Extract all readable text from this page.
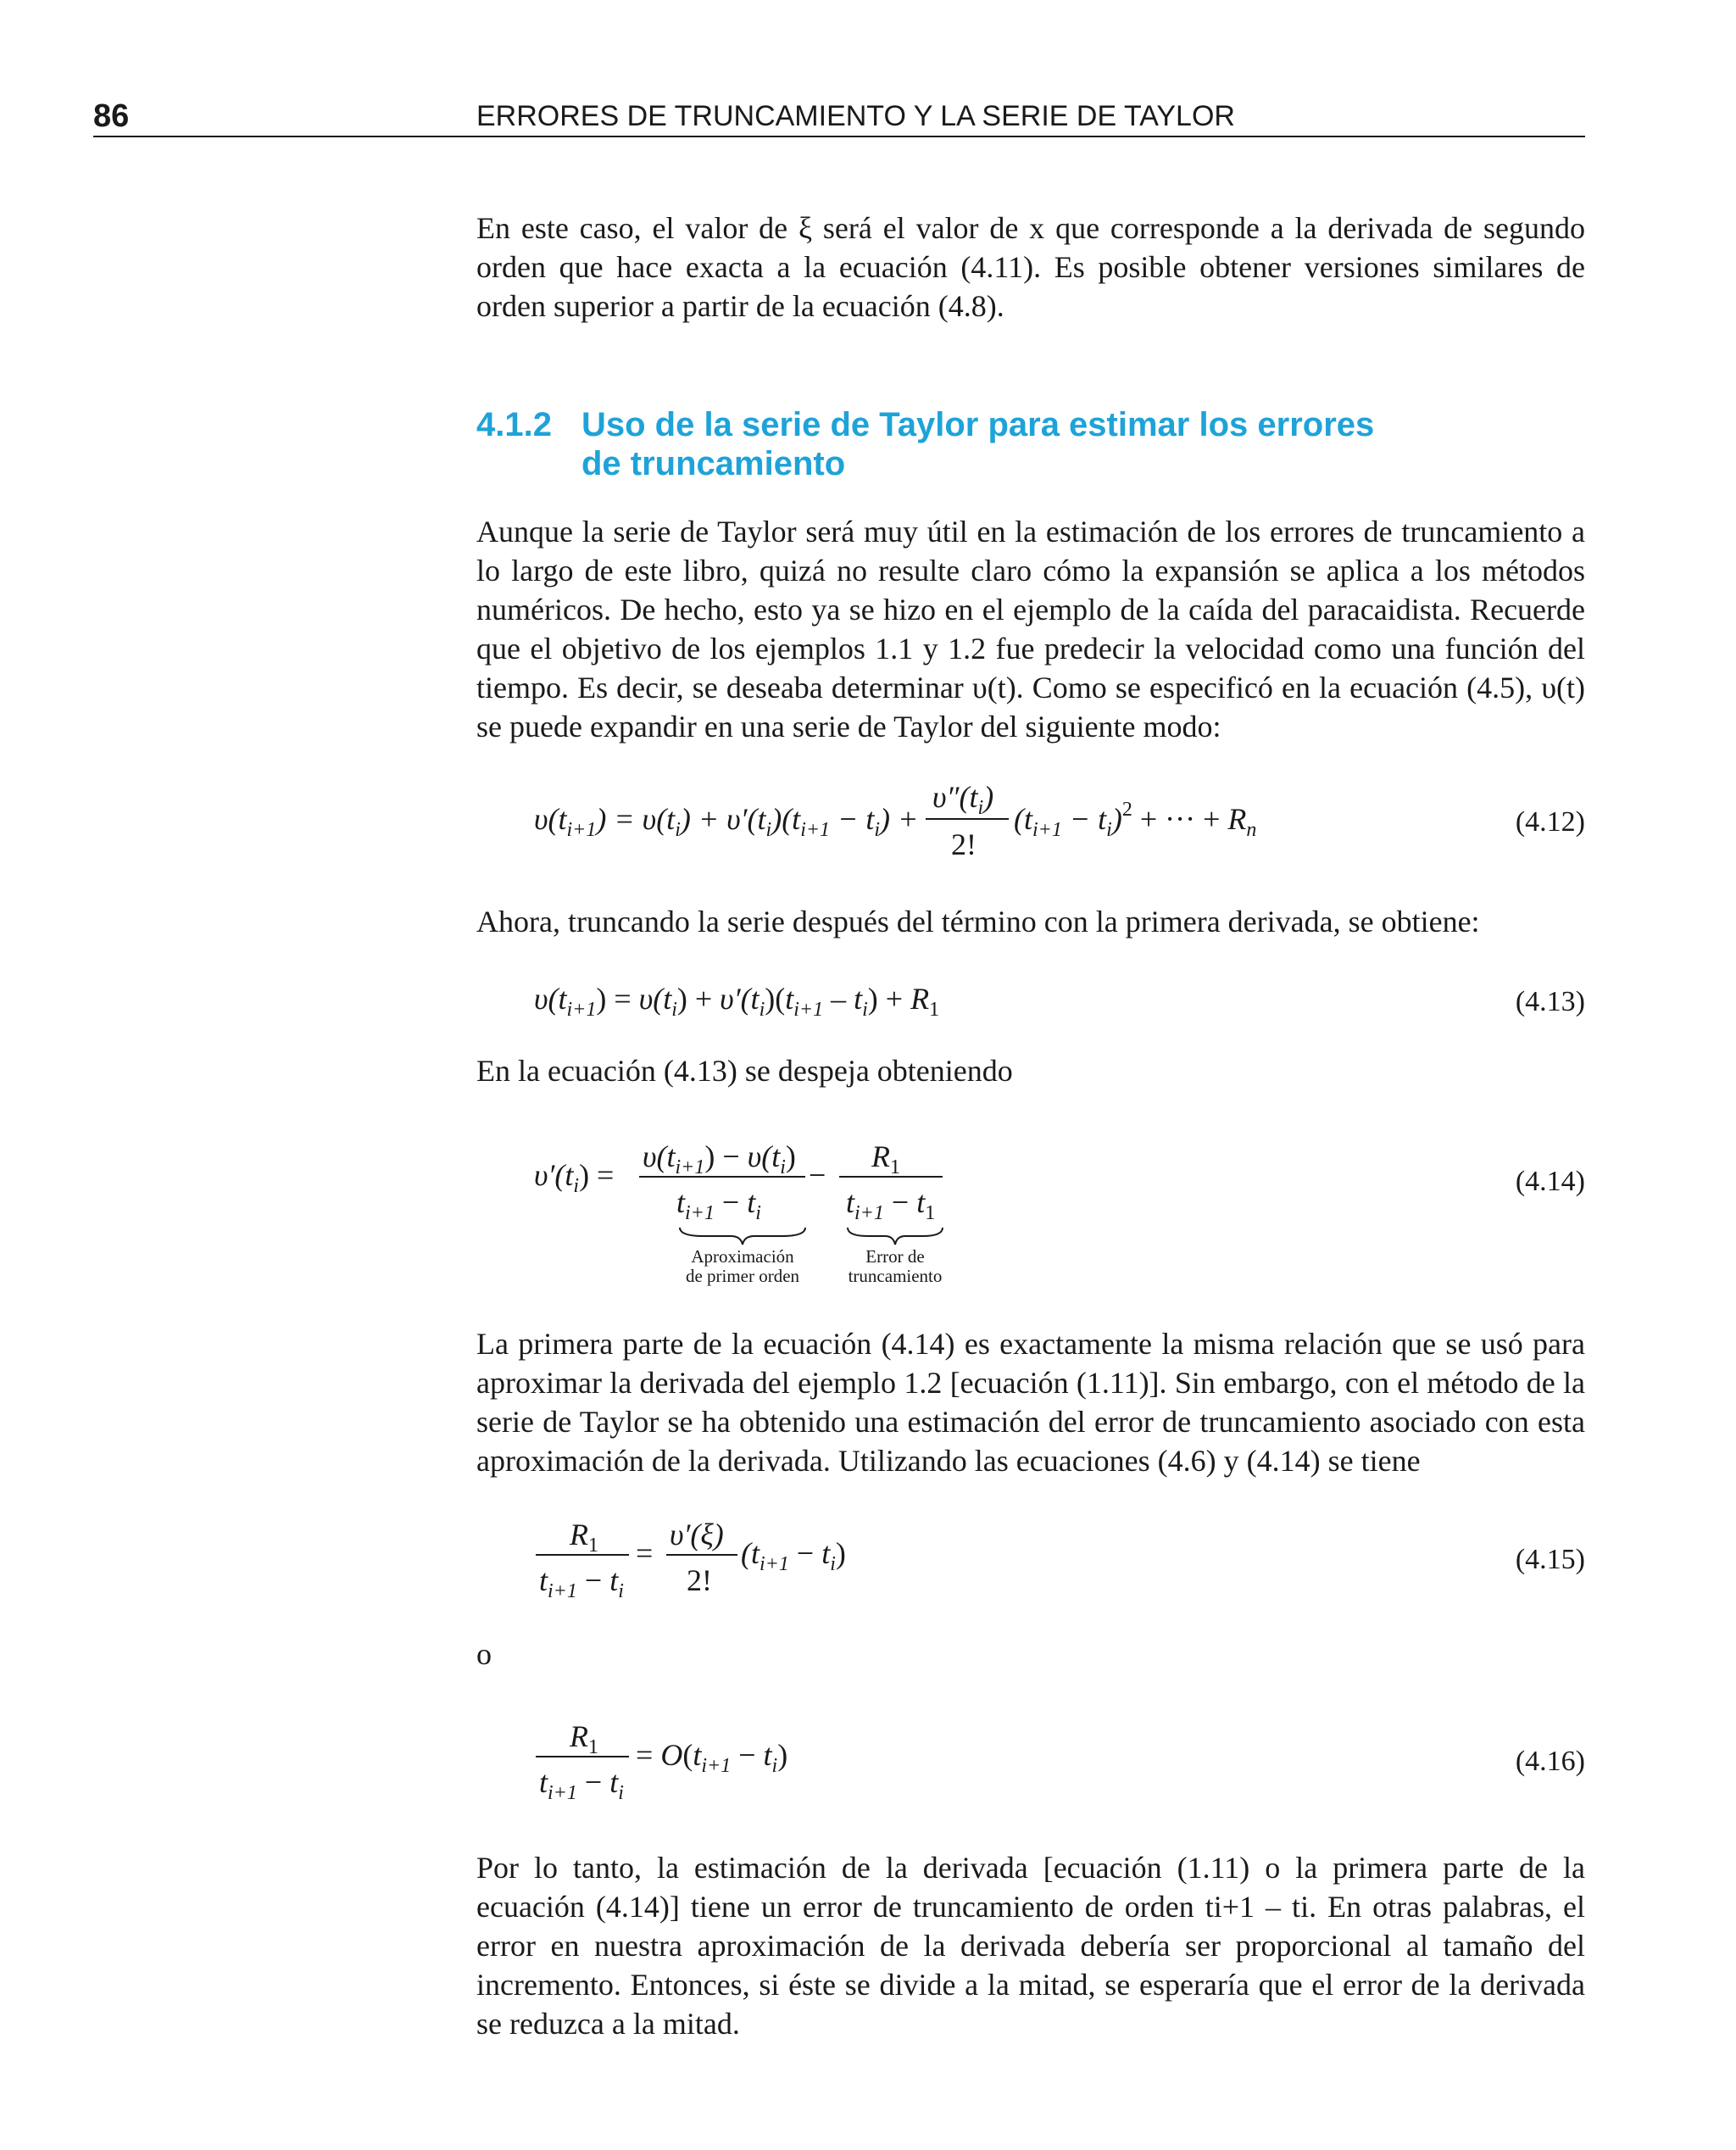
86	ERRORES DE TRUNCAMIENTO Y LA SERIE DE TAYLOR

En este caso, el valor de ξ será el valor de x que corresponde a la derivada de segundo orden que hace exacta a la ecuación (4.11). Es posible obtener versiones similares de orden superior a partir de la ecuación (4.8).

4.1.2 Uso de la serie de Taylor para estimar los errores
de truncamiento

Aunque la serie de Taylor será muy útil en la estimación de los errores de truncamiento a lo largo de este libro, quizá no resulte claro cómo la expansión se aplica a los métodos numéricos. De hecho, esto ya se hizo en el ejemplo de la caída del paracaidista. Recuerde que el objetivo de los ejemplos 1.1 y 1.2 fue predecir la velocidad como una función del tiempo. Es decir, se deseaba determinar υ(t). Como se especificó en la ecuación (4.5), υ(t) se puede expandir en una serie de Taylor del siguiente modo:

$\upsilon(t_{i+1}) = \upsilon(t_i) + \upsilon'(t_i)(t_{i+1} - t_i)$ +
$\upsilon''(t_i)$
2!
$(t_{i+1} - t_i)^2$ + ··· + $R_n$	(4.12)

Ahora, truncando la serie después del término con la primera derivada, se obtiene:

$\upsilon(t_{i+1}) = \upsilon(t_i) + \upsilon'(t_i)(t_{i+1} - t_i) + R_1$	(4.13)

En la ecuación (4.13) se despeja obteniendo

$\upsilon'(t_i)$ =
$\upsilon(t_{i+1}) - \upsilon(t_i)$
$t_{i+1} - t_i$
−
$R_1$
$t_{i+1} - t_1$
Aproximación
de primer orden
Error de
truncamiento
(4.14)

La primera parte de la ecuación (4.14) es exactamente la misma relación que se usó para aproximar la derivada del ejemplo 1.2 [ecuación (1.11)]. Sin embargo, con el método de la serie de Taylor se ha obtenido una estimación del error de truncamiento asociado con esta aproximación de la derivada. Utilizando las ecuaciones (4.6) y (4.14) se tiene

$R_1$
$t_{i+1} - t_i$
=
υ′(ξ)
2!
$(t_{i+1} - t_i)$	(4.15)
o
$R_1$
$t_{i+1} - t_i$
= $O(t_{i+1} - t_i)$	(4.16)

Por lo tanto, la estimación de la derivada [ecuación (1.11) o la primera parte de la ecuación (4.14)] tiene un error de truncamiento de orden ti+1 – ti. En otras palabras, el error en nuestra aproximación de la derivada debería ser proporcional al tamaño del incremento. Entonces, si éste se divide a la mitad, se esperaría que el error de la derivada se reduzca a la mitad.
